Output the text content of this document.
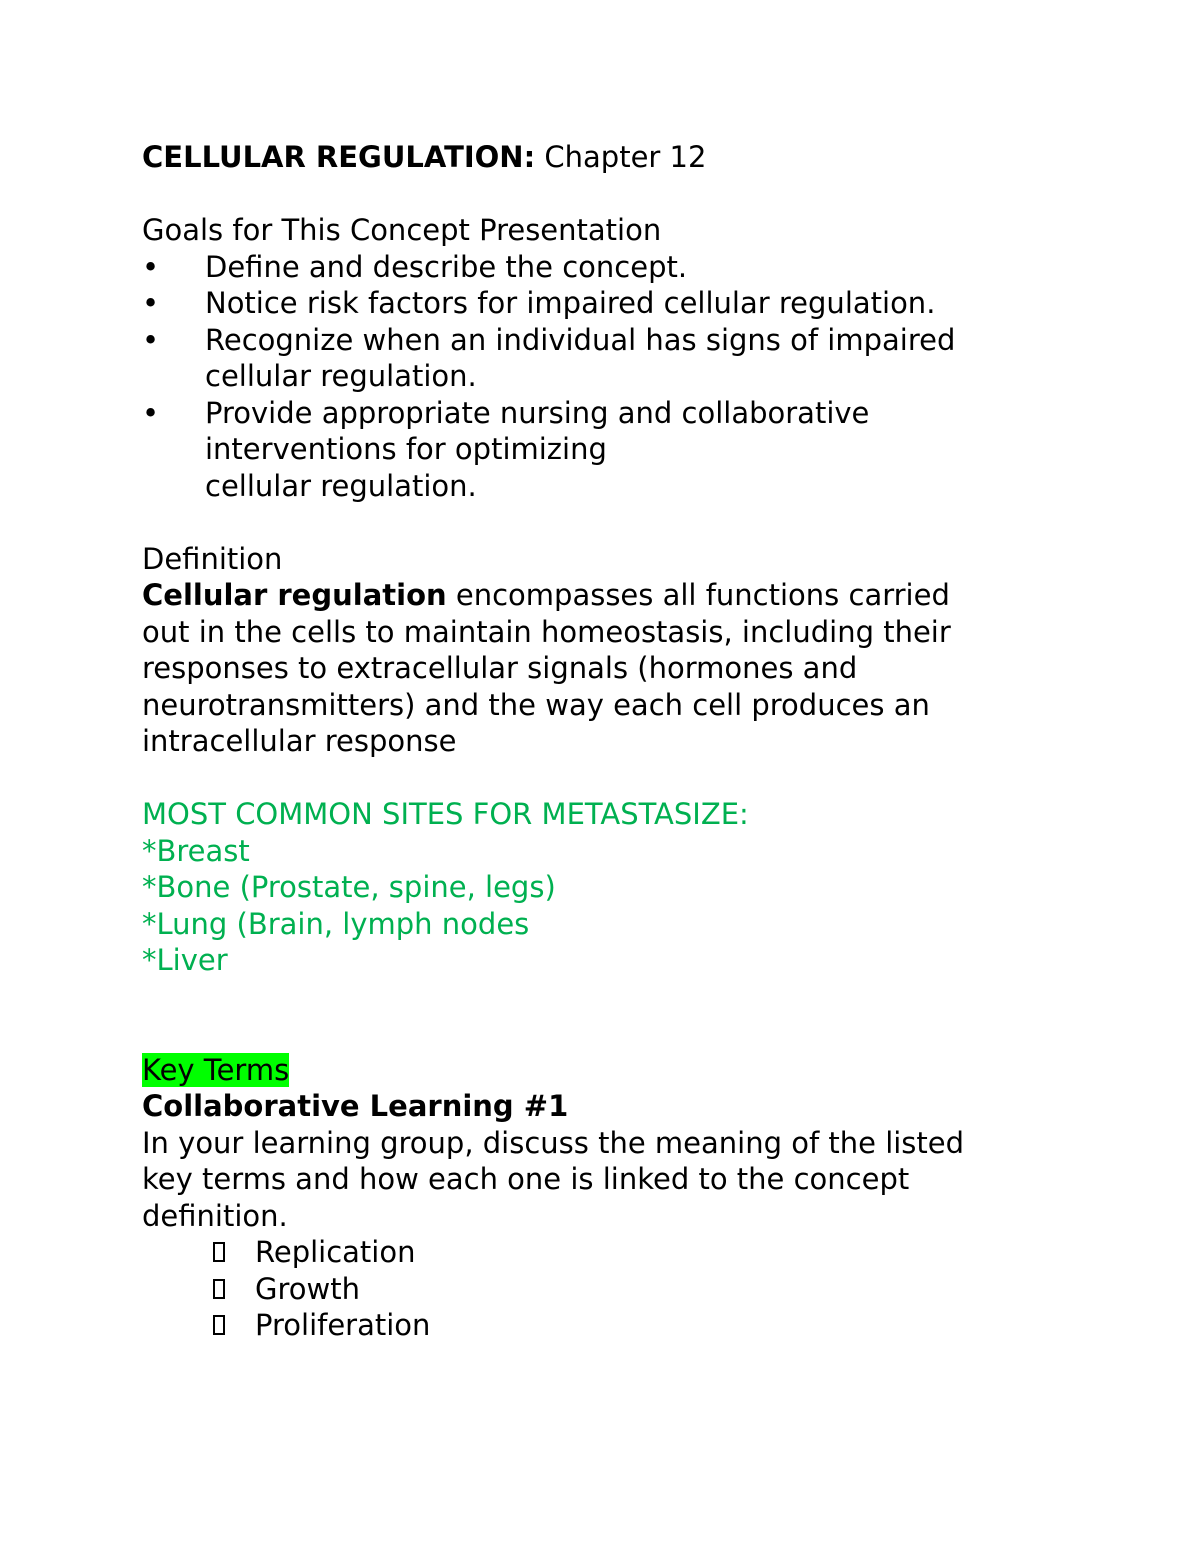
CELLULAR REGULATION: Chapter 12

Goals for This Concept Presentation

• Define and describe the concept.
• Notice risk factors for impaired cellular regulation.
• Recognize when an individual has signs of impaired
cellular regulation.
• Provide appropriate nursing and collaborative
interventions for optimizing
cellular regulation.

Definition

Cellular regulation encompasses all functions carried

out in the cells to maintain homeostasis, including their

responses to extracellular signals (hormones and

neurotransmitters) and the way each cell produces an

intracellular response

MOST COMMON SITES FOR METASTASIZE:

*Breast

*Bone (Prostate, spine, legs)

*Lung (Brain, lymph nodes

*Liver

Key Terms

Collaborative Learning #1

In your learning group, discuss the meaning of the listed

key terms and how each one is linked to the concept

definition.

Replication
Growth
Proliferation
